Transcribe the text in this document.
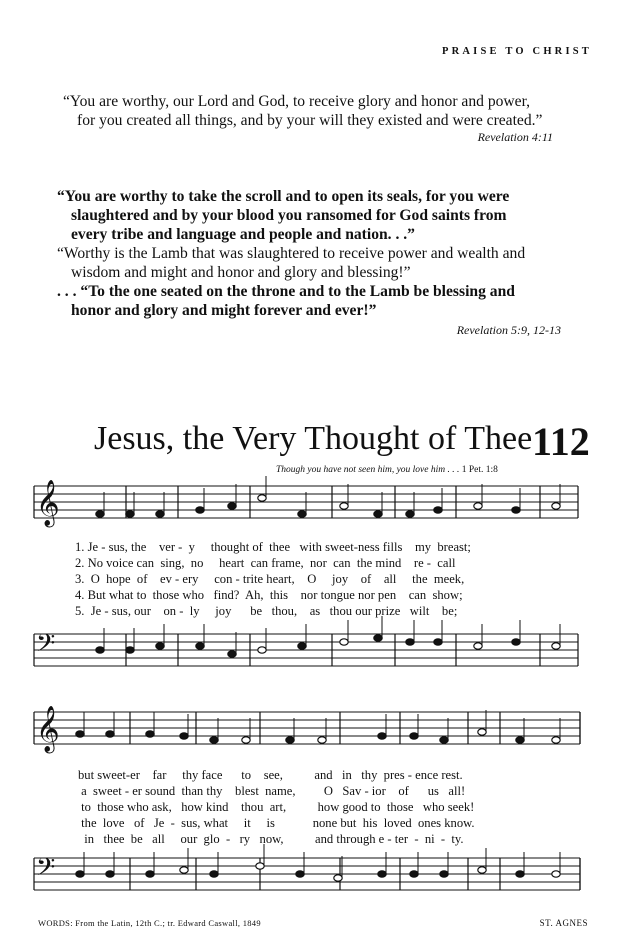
PRAISE TO CHRIST
“You are worthy, our Lord and God, to receive glory and honor and power,
for you created all things, and by your will they existed and were created.”
Revelation 4:11
“You are worthy to take the scroll and to open its seals, for you were
slaughtered and by your blood you ransomed for God saints from
every tribe and language and people and nation. . .”
“Worthy is the Lamb that was slaughtered to receive power and wealth and
wisdom and might and honor and glory and blessing!”
. . . “To the one seated on the throne and to the Lamb be blessing and
honor and glory and might forever and ever!”
Revelation 5:9, 12-13
Jesus, the Very Thought of Thee 112
Though you have not seen him, you love him . . . 1 Pet. 1:8
𝄞
𝄢
𝄞
𝄢
1. Je - sus, the    ver -  y     thought of  thee   with sweet-ness fills    my  breast;
2. No voice can  sing,  no     heart  can frame,  nor  can  the mind    re -  call
3.  O  hope  of    ev - ery     con - trite heart,    O     joy    of    all     the  meek,
4. But what to  those who   find?  Ah,  this    nor tongue nor pen    can  show;
5.  Je - sus, our    on -  ly     joy      be   thou,    as   thou our prize   wilt    be;
but sweet-er    far     thy face      to    see,          and   in   thy  pres - ence rest.
a  sweet - er sound  than thy    blest  name,         O   Sav - ior    of      us   all!
to  those who ask,   how kind    thou  art,          how good to  those   who seek!
the  love   of   Je  -  sus, what     it     is            none but  his  loved  ones know.
in   thee  be   all     our  glo  -   ry   now,          and through e - ter  -  ni  -  ty.
WORDS: From the Latin, 12th C.; tr. Edward Caswall, 1849	ST. AGNES
